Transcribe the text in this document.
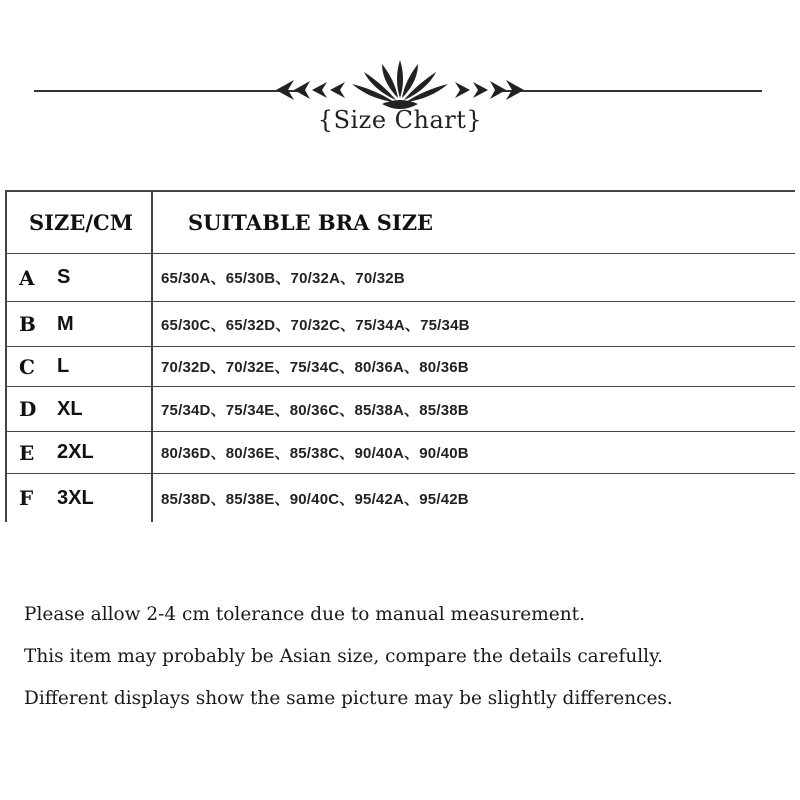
{Size Chart}
SIZE/CM	SUITABLE BRA SIZE
A S	65/30A、65/30B、70/32A、70/32B
B M	65/30C、65/32D、70/32C、75/34A、75/34B
C L	70/32D、70/32E、75/34C、80/36A、80/36B
D XL	75/34D、75/34E、80/36C、85/38A、85/38B
E 2XL	80/36D、80/36E、85/38C、90/40A、90/40B
F 3XL	85/38D、85/38E、90/40C、95/42A、95/42B
Please allow 2-4 cm tolerance due to manual measurement.
This item may probably be Asian size, compare the details carefully.
Different displays show the same picture may be slightly differences.
